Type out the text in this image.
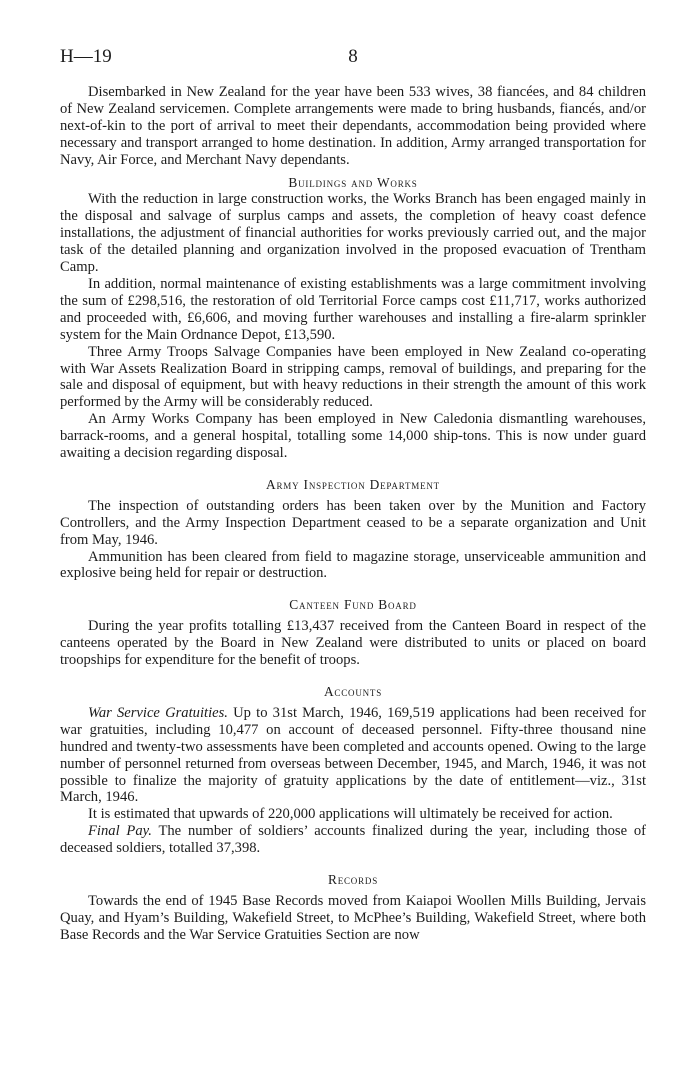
H—19	8

Disembarked in New Zealand for the year have been 533 wives, 38 fiancées, and 84 children of New Zealand servicemen. Complete arrangements were made to bring husbands, fiancés, and/or next-of-kin to the port of arrival to meet their dependants, accommodation being provided where necessary and transport arranged to home destination. In addition, Army arranged transportation for Navy, Air Force, and Merchant Navy dependants.

Buildings and Works

With the reduction in large construction works, the Works Branch has been engaged mainly in the disposal and salvage of surplus camps and assets, the completion of heavy coast defence installations, the adjustment of financial authorities for works previously carried out, and the major task of the detailed planning and organization involved in the proposed evacuation of Trentham Camp.

In addition, normal maintenance of existing establishments was a large commitment involving the sum of £298,516, the restoration of old Territorial Force camps cost £11,717, works authorized and proceeded with, £6,606, and moving further warehouses and installing a fire-alarm sprinkler system for the Main Ordnance Depot, £13,590.

Three Army Troops Salvage Companies have been employed in New Zealand co-operating with War Assets Realization Board in stripping camps, removal of buildings, and preparing for the sale and disposal of equipment, but with heavy reductions in their strength the amount of this work performed by the Army will be considerably reduced.

An Army Works Company has been employed in New Caledonia dismantling warehouses, barrack-rooms, and a general hospital, totalling some 14,000 ship-tons. This is now under guard awaiting a decision regarding disposal.

Army Inspection Department

The inspection of outstanding orders has been taken over by the Munition and Factory Controllers, and the Army Inspection Department ceased to be a separate organization and Unit from May, 1946.

Ammunition has been cleared from field to magazine storage, unserviceable ammunition and explosive being held for repair or destruction.

Canteen Fund Board

During the year profits totalling £13,437 received from the Canteen Board in respect of the canteens operated by the Board in New Zealand were distributed to units or placed on board troopships for expenditure for the benefit of troops.

Accounts

War Service Gratuities. Up to 31st March, 1946, 169,519 applications had been received for war gratuities, including 10,477 on account of deceased personnel. Fifty-three thousand nine hundred and twenty-two assessments have been completed and accounts opened. Owing to the large number of personnel returned from overseas between December, 1945, and March, 1946, it was not possible to finalize the majority of gratuity applications by the date of entitlement—viz., 31st March, 1946.

It is estimated that upwards of 220,000 applications will ultimately be received for action.

Final Pay. The number of soldiers’ accounts finalized during the year, including those of deceased soldiers, totalled 37,398.

Records

Towards the end of 1945 Base Records moved from Kaiapoi Woollen Mills Building, Jervais Quay, and Hyam’s Building, Wakefield Street, to McPhee’s Building, Wakefield Street, where both Base Records and the War Service Gratuities Section are now
